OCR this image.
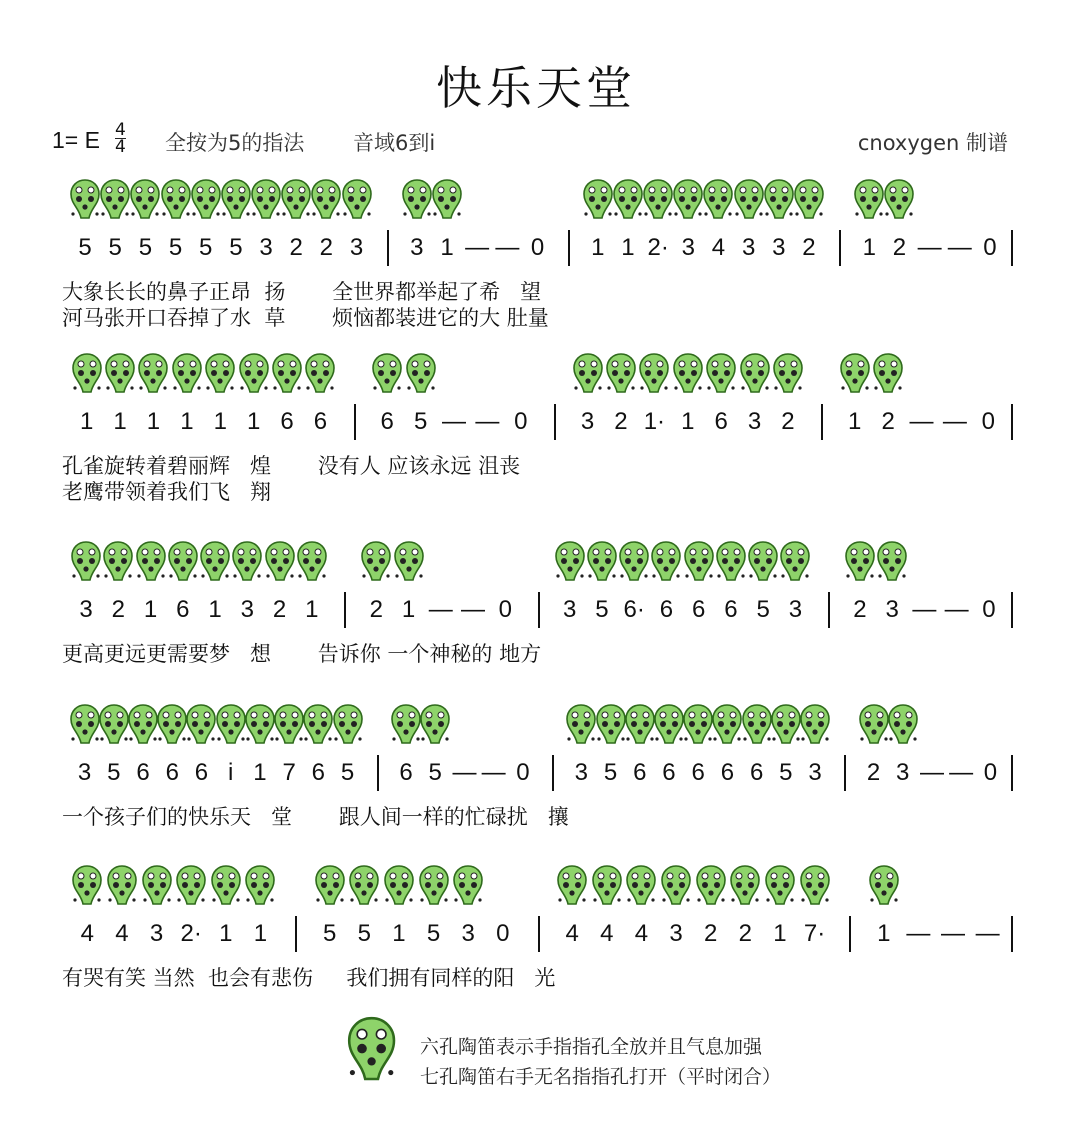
快乐天堂
1= E 4
4 全按为5的指法 音域6到i	cnoxygen 制谱
5 5 5 5 5 5 3 2 2 3 3 1 — — 0 1 1 2· 3 4 3 3 2 1 2 — — 0
大象长长的鼻子正昂  扬       全世界都举起了希   望
河马张开口吞掉了水  草       烦恼都装进它的大 肚量
1 1 1 1 1 1 6 6 6 5 — — 0 3 2 1· 1 6 3 2 1 2 — — 0
孔雀旋转着碧丽辉   煌       没有人 应该永远 沮丧
老鹰带领着我们飞   翔
3 2 1 6 1 3 2 1 2 1 — — 0 3 5 6· 6 6 6 5 3 2 3 — — 0
更高更远更需要梦   想       告诉你 一个神秘的 地方
3 5 6 6 6 i 1 7 6 5 6 5 — — 0 3 5 6 6 6 6 6 5 3 2 3 — — 0
一个孩子们的快乐天   堂       跟人间一样的忙碌扰   攘
4 4 3 2· 1 1 5 5 1 5 3 0 4 4 4 3 2 2 1 7· 1 — — —
有哭有笑 当然  也会有悲伤     我们拥有同样的阳   光
六孔陶笛表示手指指孔全放并且气息加强
七孔陶笛右手无名指指孔打开（平时闭合）
